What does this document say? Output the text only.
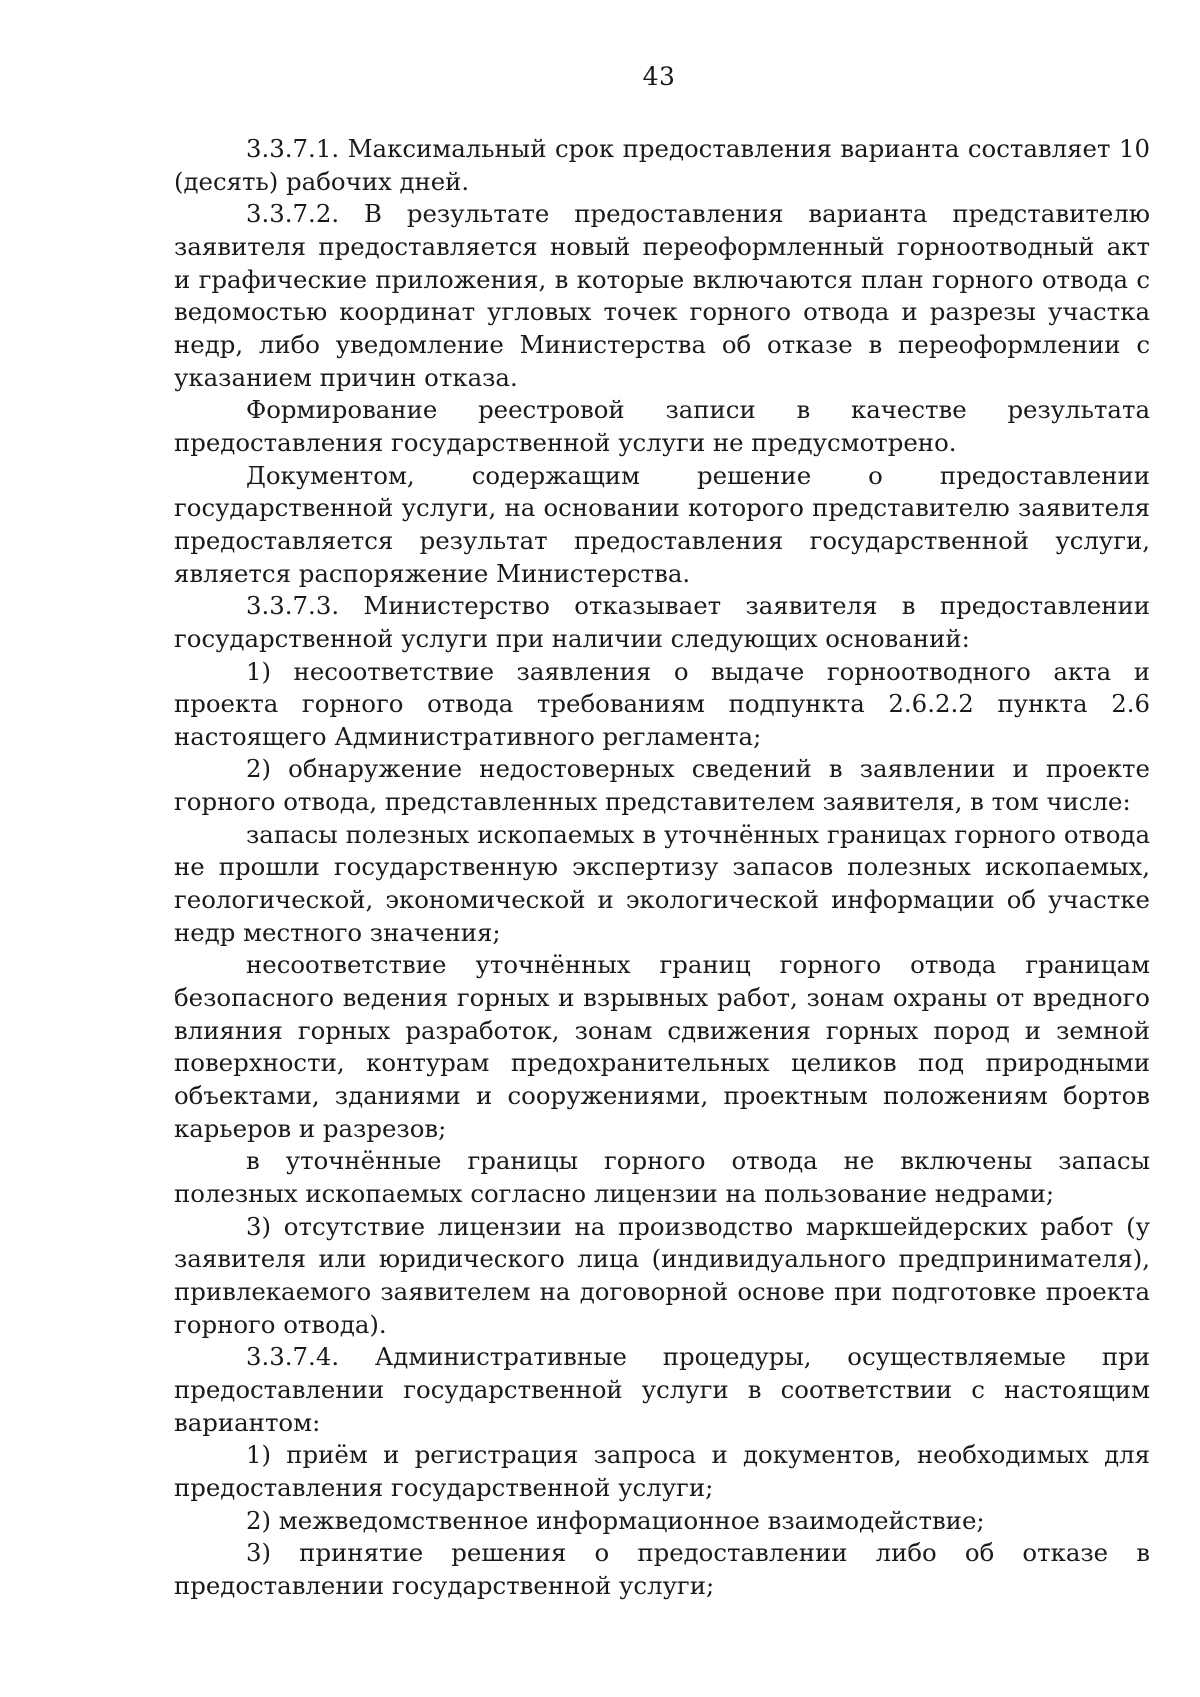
43

3.3.7.1. Максимальный срок предоставления варианта составляет 10 (десять) рабочих дней.

3.3.7.2. В результате предоставления варианта представителю заявителя предоставляется новый переоформленный горноотводный акт и графические приложения, в которые включаются план горного отвода с ведомостью координат угловых точек горного отвода и разрезы участка недр, либо уведомление Министерства об отказе в переоформлении с указанием причин отказа.

Формирование реестровой записи в качестве результата предоставления государственной услуги не предусмотрено.

Документом, содержащим решение о предоставлении государственной услуги, на основании которого представителю заявителя предоставляется результат предоставления государственной услуги, является распоряжение Министерства.

3.3.7.3. Министерство отказывает заявителя в предоставлении государственной услуги при наличии следующих оснований:

1) несоответствие заявления о выдаче горноотводного акта и проекта горного отвода требованиям подпункта 2.6.2.2 пункта 2.6 настоящего Административного регламента;

2) обнаружение недостоверных сведений в заявлении и проекте горного отвода, представленных представителем заявителя, в том числе:

запасы полезных ископаемых в уточнённых границах горного отвода не прошли государственную экспертизу запасов полезных ископаемых, геологической, экономической и экологической информации об участке недр местного значения;

несоответствие уточнённых границ горного отвода границам безопасного ведения горных и взрывных работ, зонам охраны от вредного влияния горных разработок, зонам сдвижения горных пород и земной поверхности, контурам предохранительных целиков под природными объектами, зданиями и сооружениями, проектным положениям бортов карьеров и разрезов;

в уточнённые границы горного отвода не включены запасы полезных ископаемых согласно лицензии на пользование недрами;

3) отсутствие лицензии на производство маркшейдерских работ (у заявителя или юридического лица (индивидуального предпринимателя), привлекаемого заявителем на договорной основе при подготовке проекта горного отвода).

3.3.7.4. Административные процедуры, осуществляемые при предоставлении государственной услуги в соответствии с настоящим вариантом:

1) приём и регистрация запроса и документов, необходимых для предоставления государственной услуги;

2) межведомственное информационное взаимодействие;

3) принятие решения о предоставлении либо об отказе в предоставлении государственной услуги;
